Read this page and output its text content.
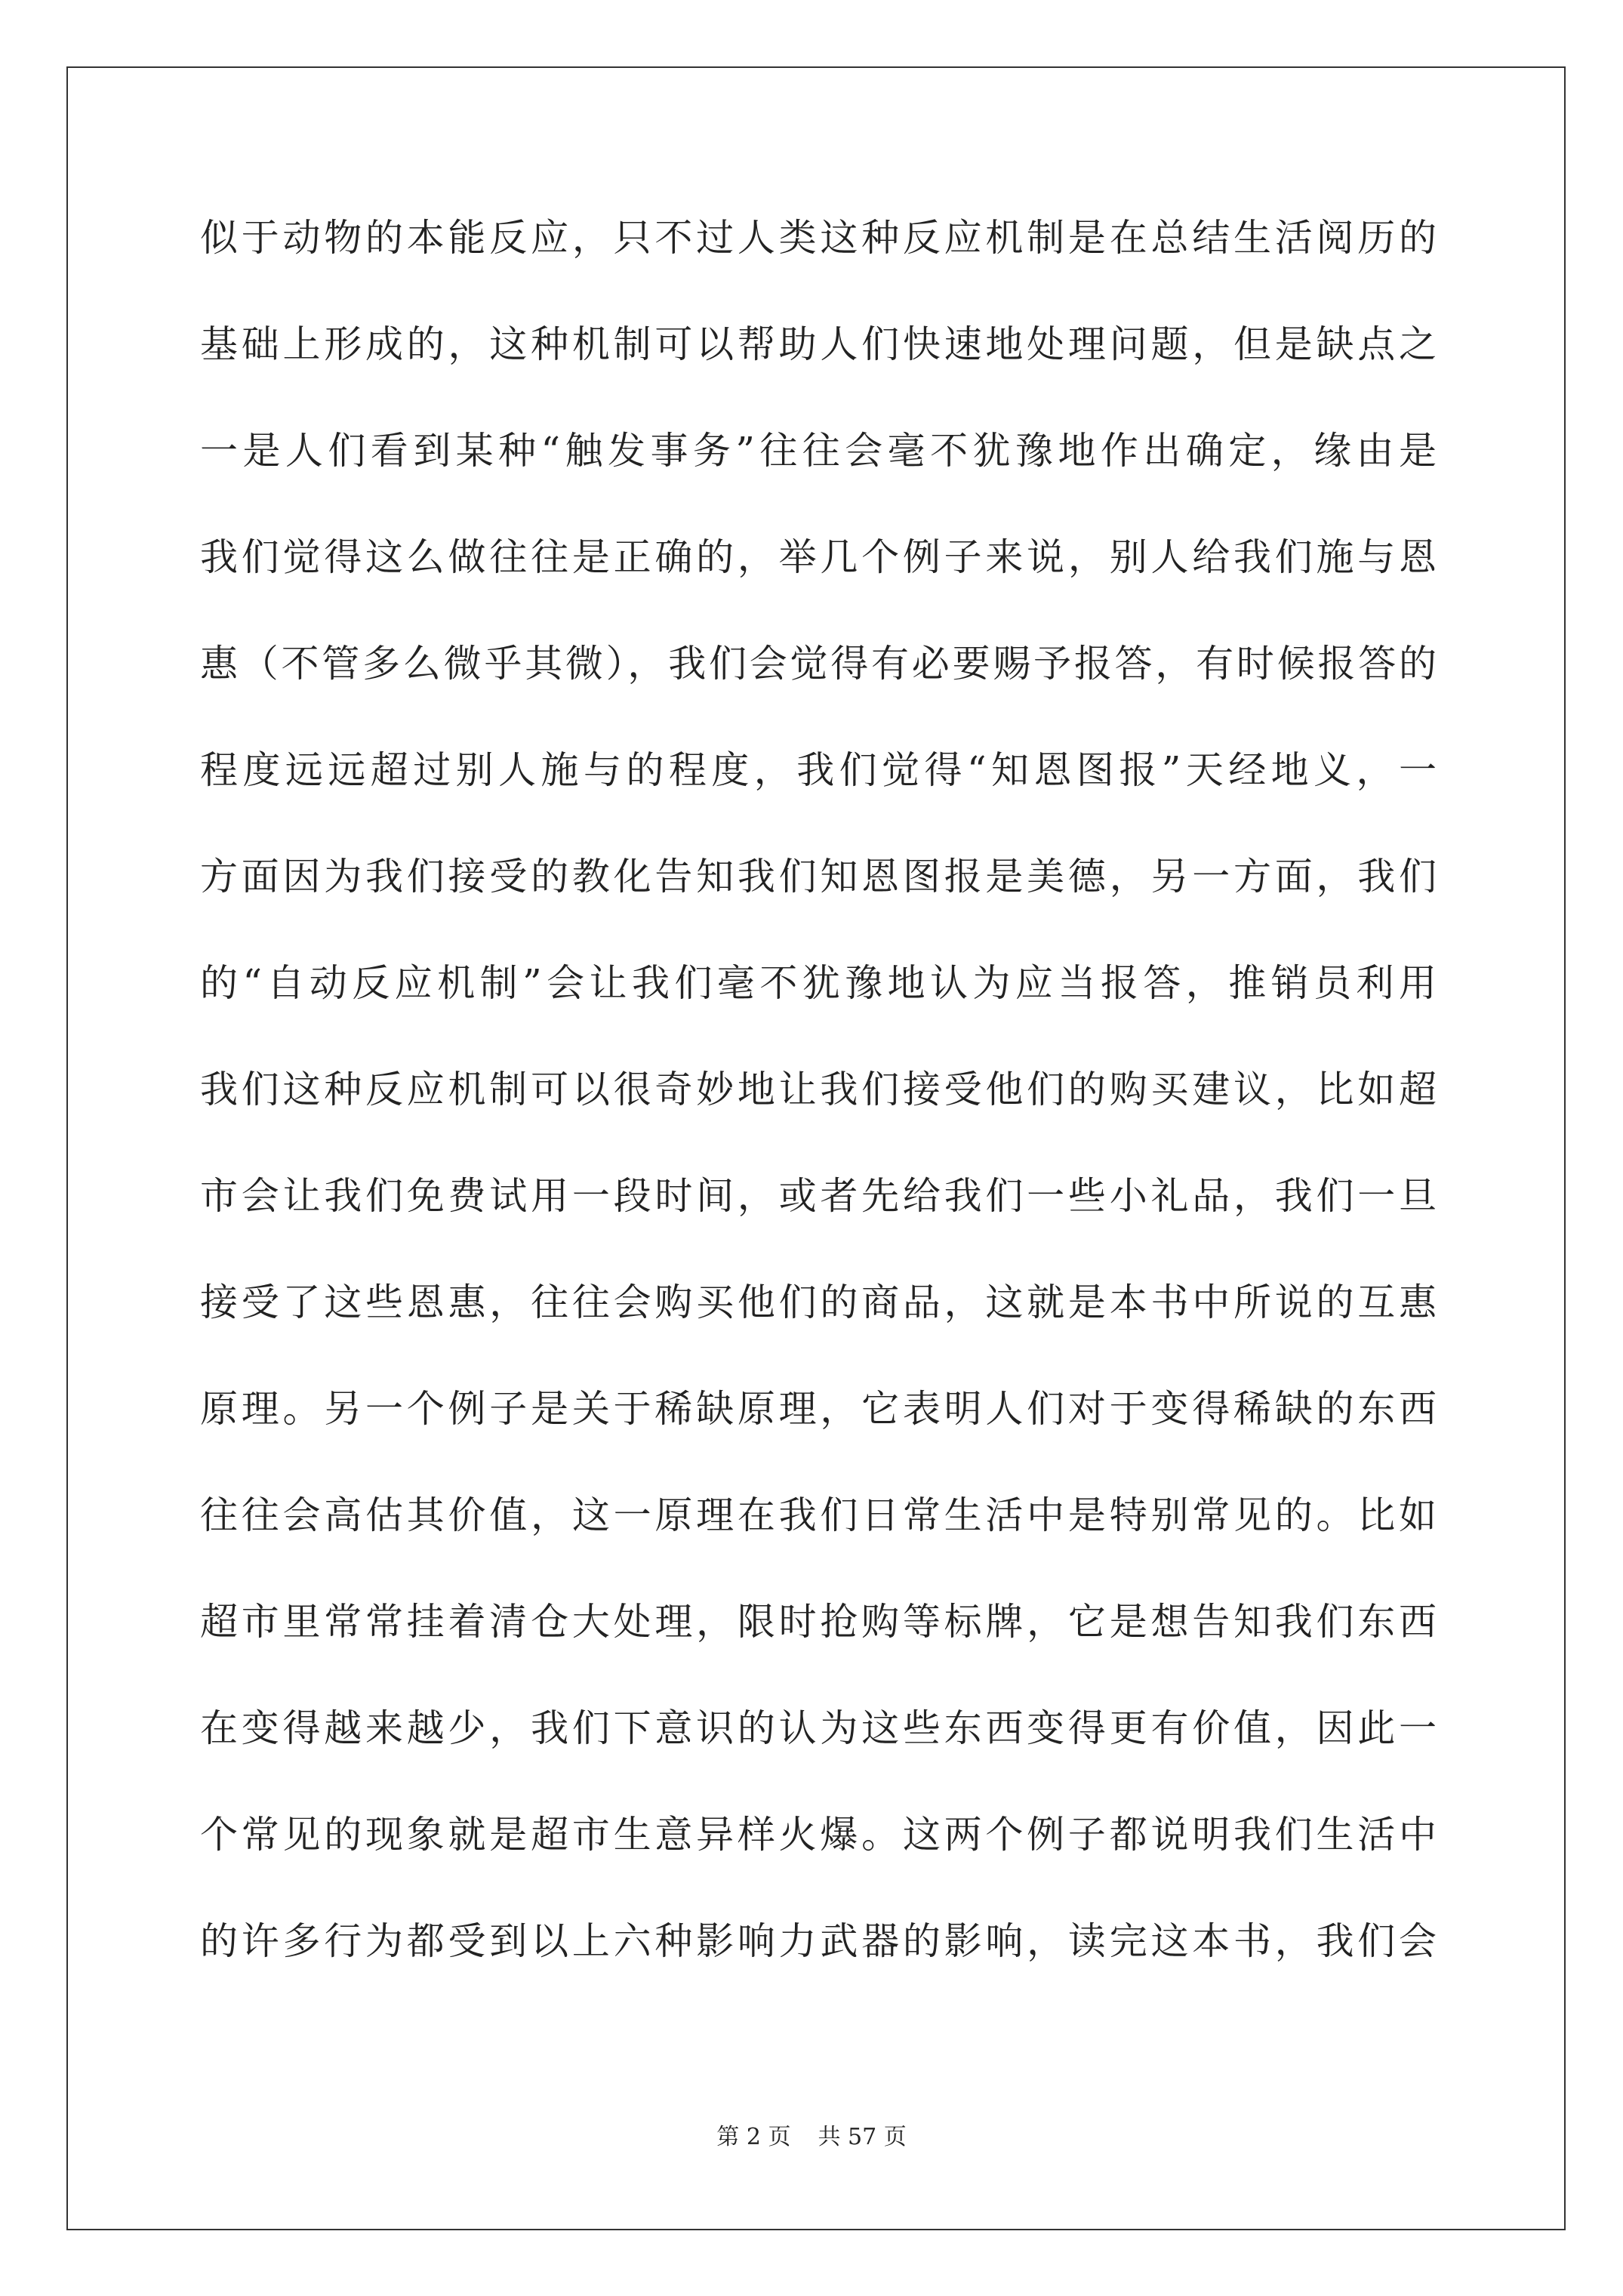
似于动物的本能反应，只不过人类这种反应机制是在总结生活阅历的
基础上形成的，这种机制可以帮助人们快速地处理问题，但是缺点之
一是人们看到某种“触发事务”往往会毫不犹豫地作出确定，缘由是
我们觉得这么做往往是正确的，举几个例子来说，别人给我们施与恩
惠（不管多么微乎其微），我们会觉得有必要赐予报答，有时候报答的
程度远远超过别人施与的程度，我们觉得“知恩图报”天经地义，一
方面因为我们接受的教化告知我们知恩图报是美德，另一方面，我们
的“自动反应机制”会让我们毫不犹豫地认为应当报答，推销员利用
我们这种反应机制可以很奇妙地让我们接受他们的购买建议，比如超
市会让我们免费试用一段时间，或者先给我们一些小礼品，我们一旦
接受了这些恩惠，往往会购买他们的商品，这就是本书中所说的互惠
原理。另一个例子是关于稀缺原理，它表明人们对于变得稀缺的东西
往往会高估其价值，这一原理在我们日常生活中是特别常见的。比如
超市里常常挂着清仓大处理，限时抢购等标牌，它是想告知我们东西
在变得越来越少，我们下意识的认为这些东西变得更有价值，因此一
个常见的现象就是超市生意异样火爆。这两个例子都说明我们生活中
的许多行为都受到以上六种影响力武器的影响，读完这本书，我们会
第 2 页 共 57 页
